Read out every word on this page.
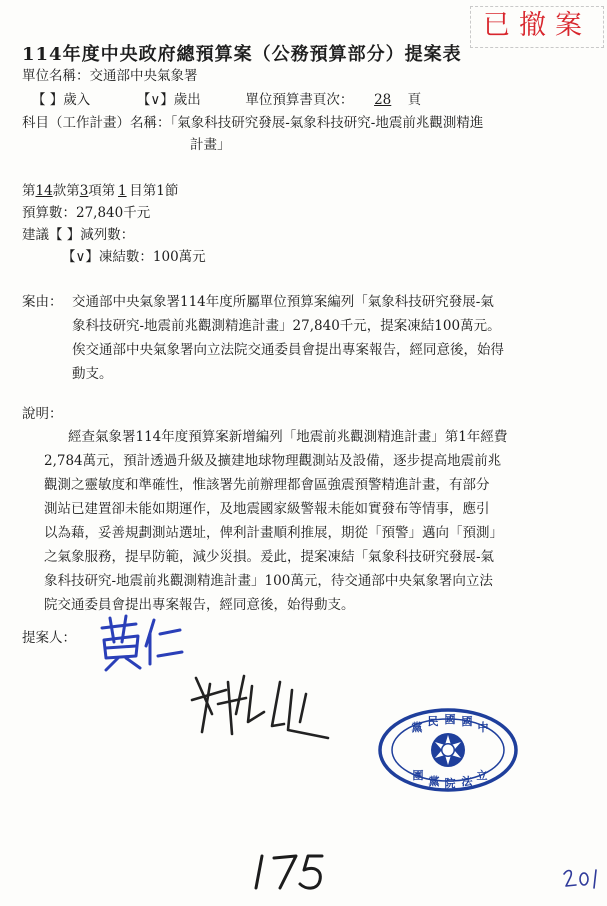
已撤案
114年度中央政府總預算案（公務預算部分）提案表
單位名稱：交通部中央氣象署
【 】歲入	【∨】歲出	單位預算書頁次： 28 頁
科目（工作計畫）名稱：「氣象科技研究發展-氣象科技研究-地震前兆觀測精進
計畫」
第14款第3項第 1 目第1節
預算數：27,840千元
建議【 】減列數：
【∨】凍結數：100萬元
案由： 交通部中央氣象署114年度所屬單位預算案編列「氣象科技研究發展-氣

象科技研究-地震前兆觀測精進計畫」27,840千元，提案凍結100萬元。

俟交通部中央氣象署向立法院交通委員會提出專案報告，經同意後，始得

動支。

說明：

經查氣象署114年度預算案新增編列「地震前兆觀測精進計畫」第1年經費

2,784萬元，預計透過升級及擴建地球物理觀測站及設備，逐步提高地震前兆

觀測之靈敏度和準確性，惟該署先前辦理都會區強震預警精進計畫，有部分

測站已建置卻未能如期運作，及地震國家級警報未能如實發布等情事，應引

以為藉，妥善規劃測站選址，俾利計畫順利推展，期從「預警」邁向「預測」

之氣象服務，提早防範，減少災損。爰此，提案凍結「氣象科技研究發展-氣

象科技研究-地震前兆觀測精進計畫」100萬元，待交通部中央氣象署向立法

院交通委員會提出專案報告，經同意後，始得動支。

提案人：
黨 民 國 國 中
團 黨 院 法 立
